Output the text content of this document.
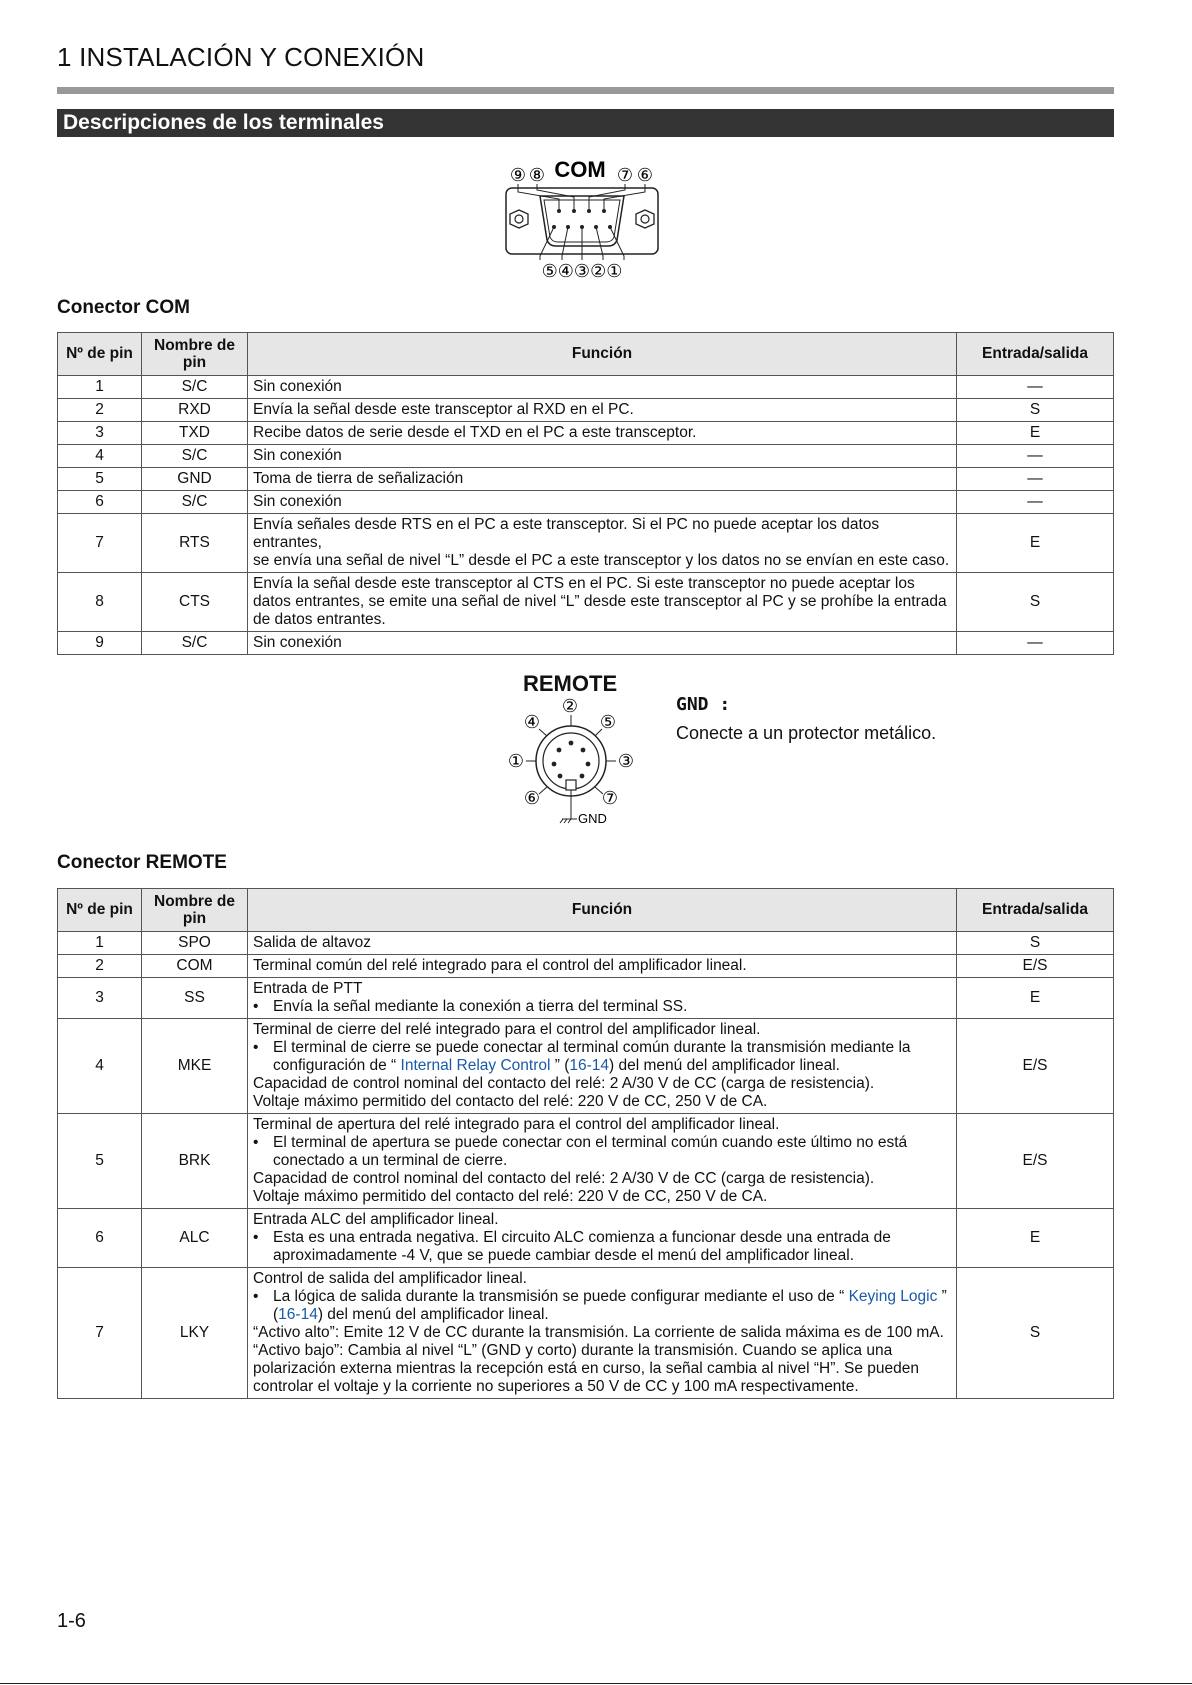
1 INSTALACIÓN Y CONEXIÓN
Descripciones de los terminales
⑨ ⑧ COM ⑦ ⑥
⑤④③②①
Conector COM
Nº de pin	Nombre de pin	Función	Entrada/salida
1	S/C	Sin conexión	—
2	RXD	Envía la señal desde este transceptor al RXD en el PC.	S
3	TXD	Recibe datos de serie desde el TXD en el PC a este transceptor.	E
4	S/C	Sin conexión	—
5	GND	Toma de tierra de señalización	—
6	S/C	Sin conexión	—
7	RTS	Envía señales desde RTS en el PC a este transceptor. Si el PC no puede aceptar los datos entrantes,
se envía una señal de nivel “L” desde el PC a este transceptor y los datos no se envían en este caso.	E
8	CTS	Envía la señal desde este transceptor al CTS en el PC. Si este transceptor no puede aceptar los
datos entrantes, se emite una señal de nivel “L” desde este transceptor al PC y se prohíbe la entrada
de datos entrantes.	S
9	S/C	Sin conexión	—
REMOTE
②
④	⑤
①	③
⑥	⑦
GND
GND :
Conecte a un protector metálico.
Conector REMOTE
Nº de pin	Nombre de pin	Función	Entrada/salida
1	SPO	Salida de altavoz	S
2	COM	Terminal común del relé integrado para el control del amplificador lineal.	E/S
3	SS	Entrada de PTT
• Envía la señal mediante la conexión a tierra del terminal SS.	E
4	MKE	Terminal de cierre del relé integrado para el control del amplificador lineal.
• El terminal de cierre se puede conectar al terminal común durante la transmisión mediante la configuración de “ Internal Relay Control ” (16-14) del menú del amplificador lineal.
Capacidad de control nominal del contacto del relé: 2 A/30 V de CC (carga de resistencia).
Voltaje máximo permitido del contacto del relé: 220 V de CC, 250 V de CA.	E/S
5	BRK	Terminal de apertura del relé integrado para el control del amplificador lineal.
• El terminal de apertura se puede conectar con el terminal común cuando este último no está conectado a un terminal de cierre.
Capacidad de control nominal del contacto del relé: 2 A/30 V de CC (carga de resistencia).
Voltaje máximo permitido del contacto del relé: 220 V de CC, 250 V de CA.	E/S
6	ALC	Entrada ALC del amplificador lineal.
• Esta es una entrada negativa. El circuito ALC comienza a funcionar desde una entrada de aproximadamente -4 V, que se puede cambiar desde el menú del amplificador lineal.	E
7	LKY	Control de salida del amplificador lineal.
• La lógica de salida durante la transmisión se puede configurar mediante el uso de “ Keying Logic ” (16-14) del menú del amplificador lineal.
“Activo alto”: Emite 12 V de CC durante la transmisión. La corriente de salida máxima es de 100 mA.
“Activo bajo”: Cambia al nivel “L” (GND y corto) durante la transmisión. Cuando se aplica una polarización externa mientras la recepción está en curso, la señal cambia al nivel “H”. Se pueden controlar el voltaje y la corriente no superiores a 50 V de CC y 100 mA respectivamente.	S
1-6
